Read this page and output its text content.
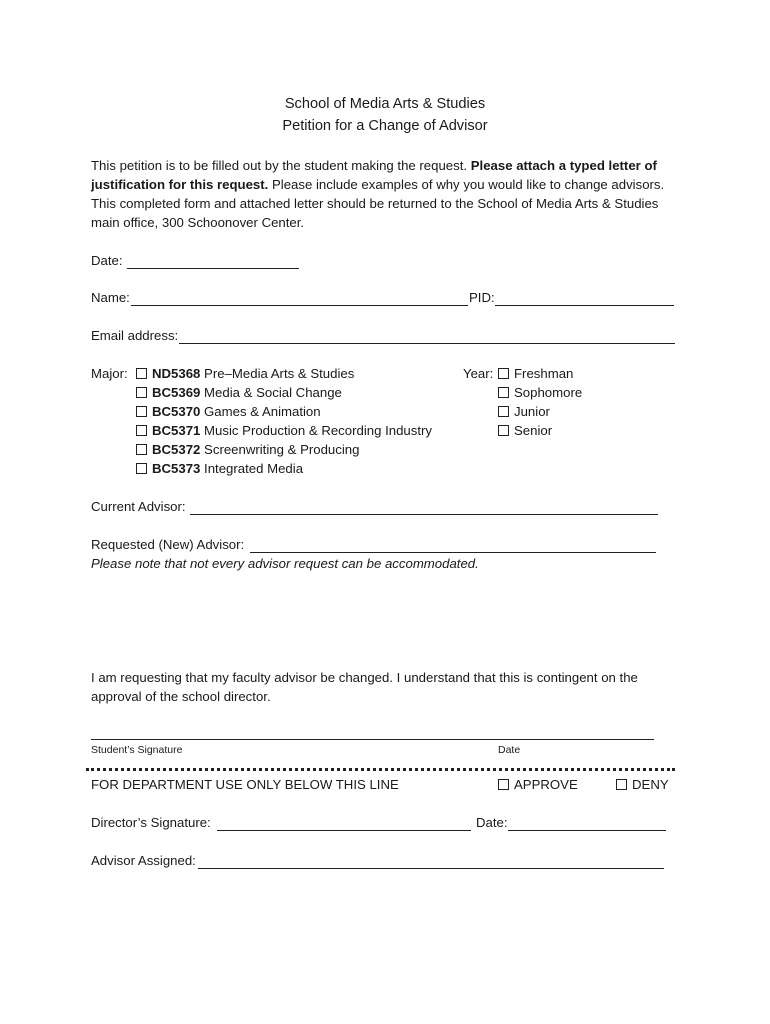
School of Media Arts & Studies
Petition for a Change of Advisor
This petition is to be filled out by the student making the request. Please attach a typed letter of justification for this request. Please include examples of why you would like to change advisors. This completed form and attached letter should be returned to the School of Media Arts & Studies main office, 300 Schoonover Center.
Date:
Name:	PID:
Email address:
Major:	ND5368 Pre–Media Arts & Studies
BC5369 Media & Social Change
BC5370 Games & Animation
BC5371 Music Production & Recording Industry
BC5372 Screenwriting & Producing
BC5373 Integrated Media
Year:	Freshman
Sophomore
Junior
Senior
Current Advisor:
Requested (New) Advisor:
Please note that not every advisor request can be accommodated.
I am requesting that my faculty advisor be changed. I understand that this is contingent on the approval of the school director.
Student’s Signature	Date
FOR DEPARTMENT USE ONLY BELOW THIS LINE	APPROVE	DENY
Director’s Signature:	Date:
Advisor Assigned:
